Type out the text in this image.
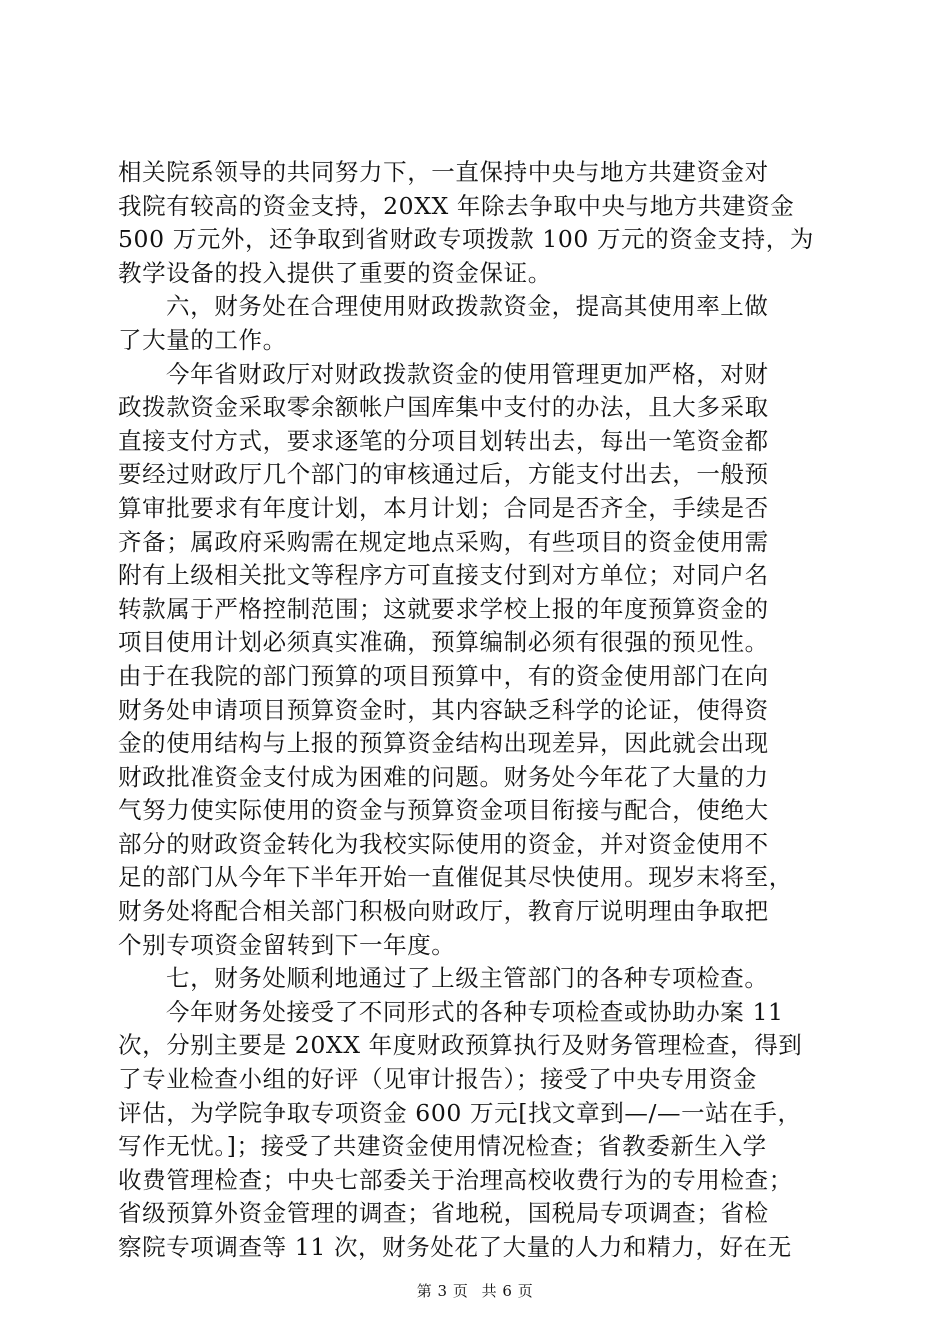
相关院系领导的共同努力下，一直保持中央与地方共建资金对
我院有较高的资金支持，20XX 年除去争取中央与地方共建资金
500 万元外，还争取到省财政专项拨款 100 万元的资金支持，为
教学设备的投入提供了重要的资金保证。
六，财务处在合理使用财政拨款资金，提高其使用率上做
了大量的工作。
今年省财政厅对财政拨款资金的使用管理更加严格，对财
政拨款资金采取零余额帐户国库集中支付的办法，且大多采取
直接支付方式，要求逐笔的分项目划转出去，每出一笔资金都
要经过财政厅几个部门的审核通过后，方能支付出去，一般预
算审批要求有年度计划，本月计划；合同是否齐全，手续是否
齐备；属政府采购需在规定地点采购，有些项目的资金使用需
附有上级相关批文等程序方可直接支付到对方单位；对同户名
转款属于严格控制范围；这就要求学校上报的年度预算资金的
项目使用计划必须真实准确，预算编制必须有很强的预见性。
由于在我院的部门预算的项目预算中，有的资金使用部门在向
财务处申请项目预算资金时，其内容缺乏科学的论证，使得资
金的使用结构与上报的预算资金结构出现差异，因此就会出现
财政批准资金支付成为困难的问题。财务处今年花了大量的力
气努力使实际使用的资金与预算资金项目衔接与配合，使绝大
部分的财政资金转化为我校实际使用的资金，并对资金使用不
足的部门从今年下半年开始一直催促其尽快使用。现岁末将至，
财务处将配合相关部门积极向财政厅，教育厅说明理由争取把
个别专项资金留转到下一年度。
七，财务处顺利地通过了上级主管部门的各种专项检查。
今年财务处接受了不同形式的各种专项检查或协助办案 11
次，分别主要是 20XX 年度财政预算执行及财务管理检查，得到
了专业检查小组的好评（见审计报告）；接受了中央专用资金
评估，为学院争取专项资金 600 万元[找文章到—/—一站在手，
写作无忧。]；接受了共建资金使用情况检查；省教委新生入学
收费管理检查；中央七部委关于治理高校收费行为的专用检查；
省级预算外资金管理的调查；省地税，国税局专项调查；省检
察院专项调查等 11 次，财务处花了大量的人力和精力，好在无
第 3 页 共 6 页
